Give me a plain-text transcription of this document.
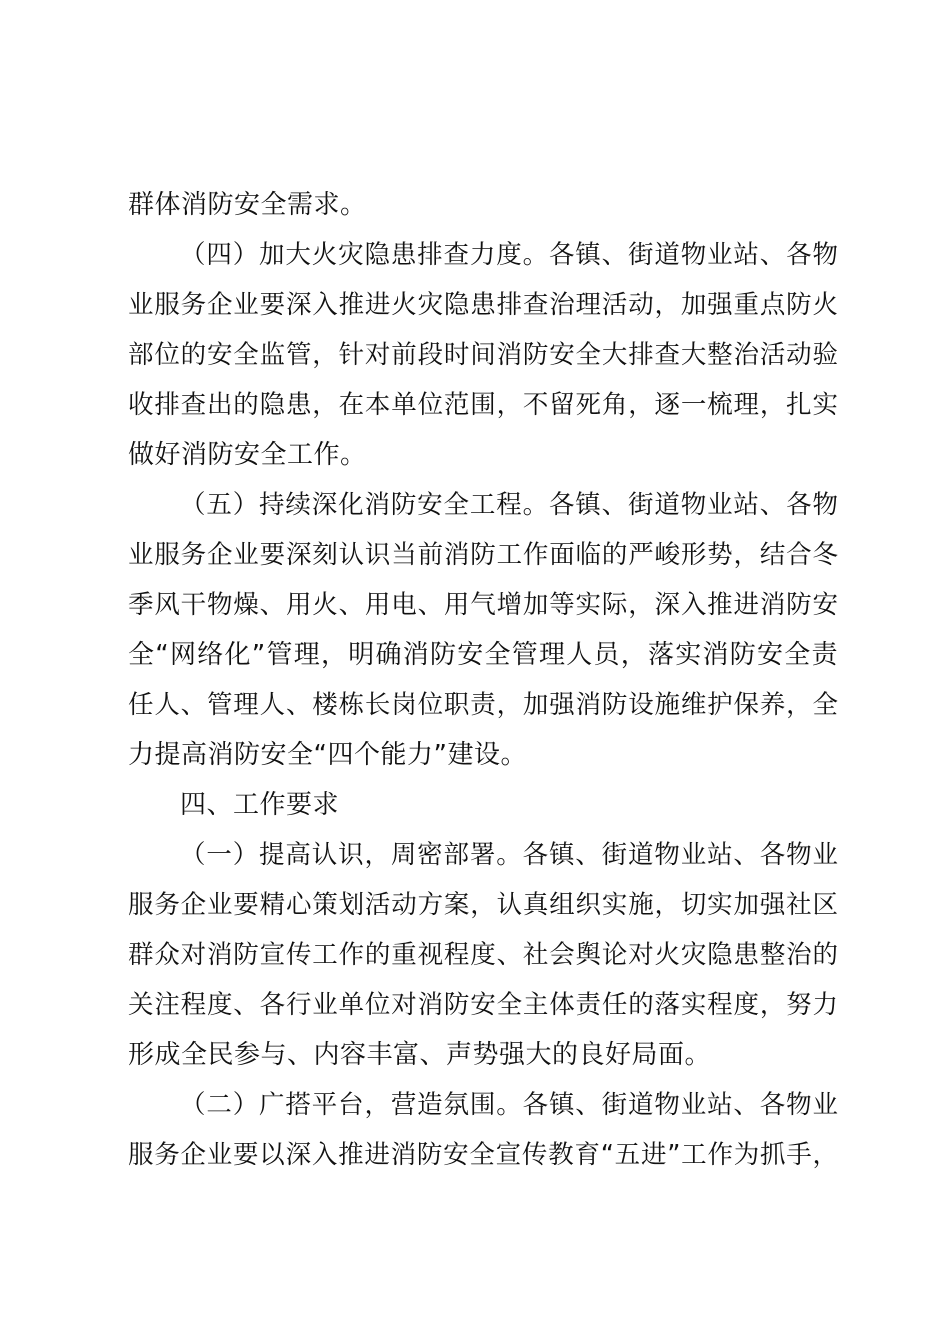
群体消防安全需求。
（四）加大火灾隐患排查力度。各镇、街道物业站、各物
业服务企业要深入推进火灾隐患排查治理活动，加强重点防火
部位的安全监管，针对前段时间消防安全大排查大整治活动验
收排查出的隐患，在本单位范围，不留死角，逐一梳理，扎实
做好消防安全工作。
（五）持续深化消防安全工程。各镇、街道物业站、各物
业服务企业要深刻认识当前消防工作面临的严峻形势，结合冬
季风干物燥、用火、用电、用气增加等实际，深入推进消防安
全“网络化”管理，明确消防安全管理人员，落实消防安全责
任人、管理人、楼栋长岗位职责，加强消防设施维护保养，全
力提高消防安全“四个能力”建设。
四、工作要求
（一）提高认识，周密部署。各镇、街道物业站、各物业
服务企业要精心策划活动方案，认真组织实施，切实加强社区
群众对消防宣传工作的重视程度、社会舆论对火灾隐患整治的
关注程度、各行业单位对消防安全主体责任的落实程度，努力
形成全民参与、内容丰富、声势强大的良好局面。
（二）广搭平台，营造氛围。各镇、街道物业站、各物业
服务企业要以深入推进消防安全宣传教育“五进”工作为抓手，
